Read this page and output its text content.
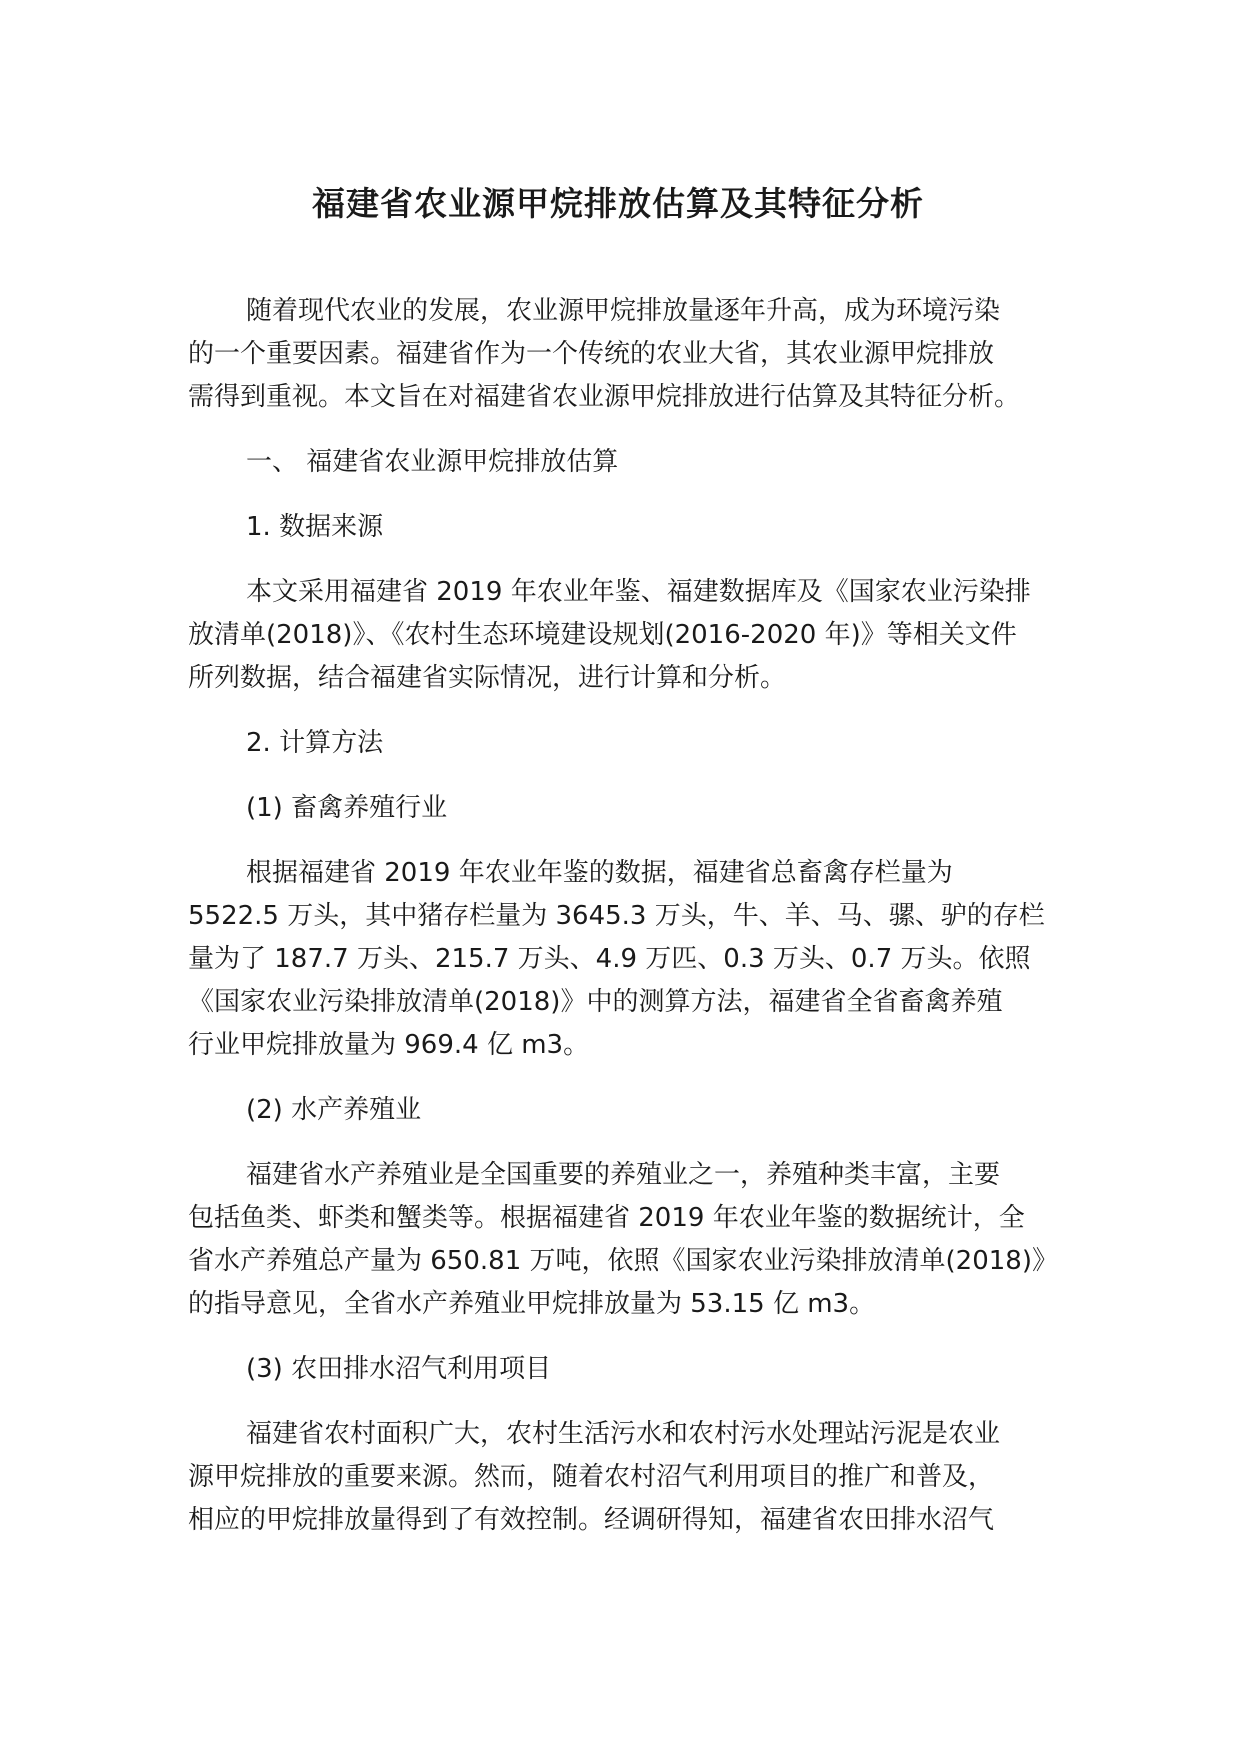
福建省农业源甲烷排放估算及其特征分析
随着现代农业的发展，农业源甲烷排放量逐年升高，成为环境污染
的一个重要因素。福建省作为一个传统的农业大省，其农业源甲烷排放
需得到重视。本文旨在对福建省农业源甲烷排放进行估算及其特征分析。
一、 福建省农业源甲烷排放估算
1. 数据来源
本文采用福建省 2019 年农业年鉴、福建数据库及《国家农业污染排
放清单(2018)》、《农村生态环境建设规划(2016-2020 年)》等相关文件
所列数据，结合福建省实际情况，进行计算和分析。
2. 计算方法
(1) 畜禽养殖行业
根据福建省 2019 年农业年鉴的数据，福建省总畜禽存栏量为
5522.5 万头，其中猪存栏量为 3645.3 万头，牛、羊、马、骡、驴的存栏
量为了 187.7 万头、215.7 万头、4.9 万匹、0.3 万头、0.7 万头。依照
《国家农业污染排放清单(2018)》中的测算方法，福建省全省畜禽养殖
行业甲烷排放量为 969.4 亿 m3。
(2) 水产养殖业
福建省水产养殖业是全国重要的养殖业之一，养殖种类丰富，主要
包括鱼类、虾类和蟹类等。根据福建省 2019 年农业年鉴的数据统计，全
省水产养殖总产量为 650.81 万吨，依照《国家农业污染排放清单(2018)》
的指导意见，全省水产养殖业甲烷排放量为 53.15 亿 m3。
(3) 农田排水沼气利用项目
福建省农村面积广大，农村生活污水和农村污水处理站污泥是农业
源甲烷排放的重要来源。然而，随着农村沼气利用项目的推广和普及，
相应的甲烷排放量得到了有效控制。经调研得知，福建省农田排水沼气
